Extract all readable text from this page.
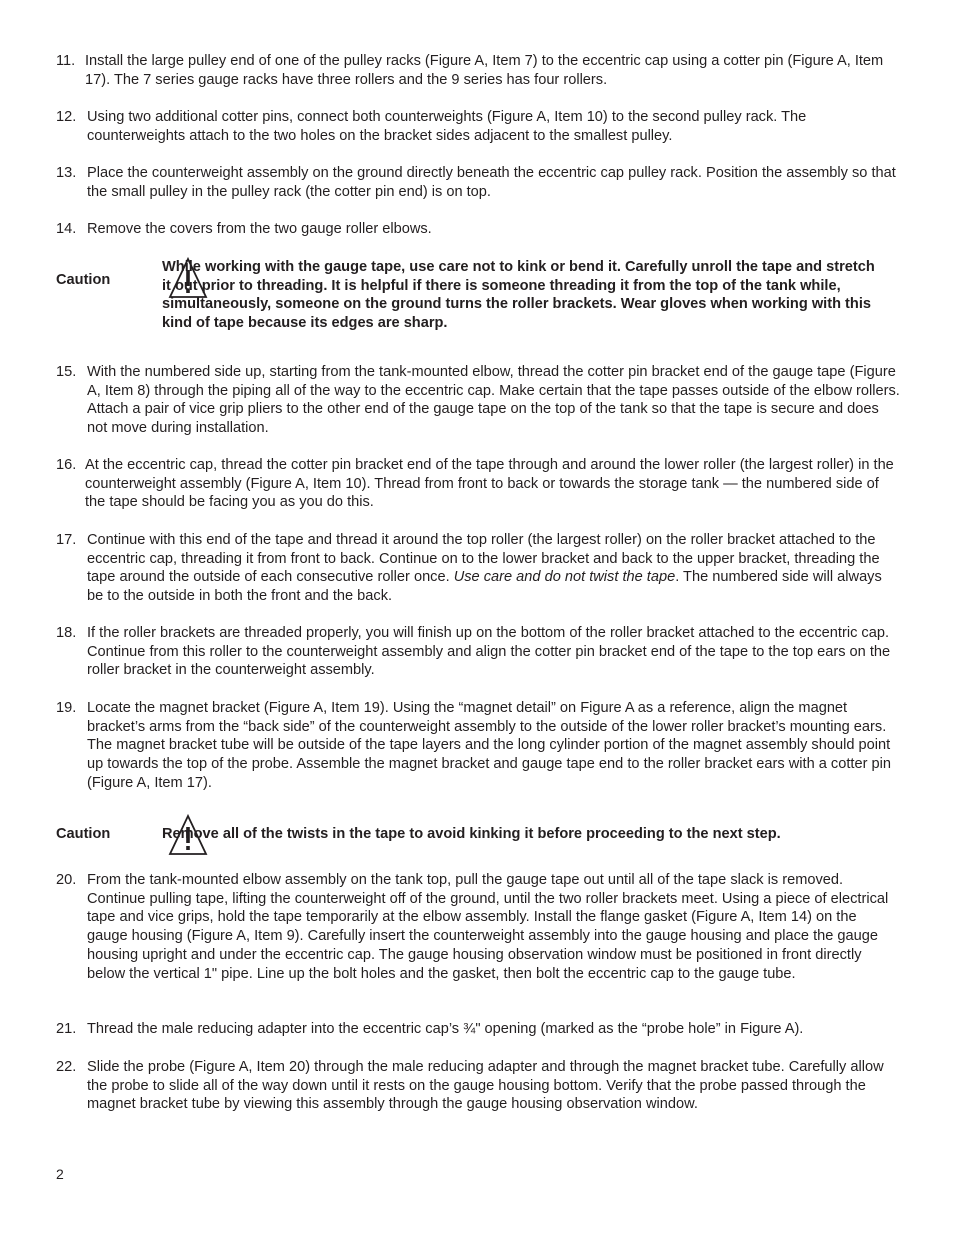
11. Install the large pulley end of one of the pulley racks (Figure A, Item 7) to the eccentric cap using a cotter pin (Figure A, Item 17). The 7 series gauge racks have three rollers and the 9 series has four rollers.
12. Using two additional cotter pins, connect both counterweights (Figure A, Item 10) to the second pulley rack. The counterweights attach to the two holes on the bracket sides adjacent to the smallest pulley.
13. Place the counterweight assembly on the ground directly beneath the eccentric cap pulley rack. Position the assembly so that the small pulley in the pulley rack (the cotter pin end) is on top.
14. Remove the covers from the two gauge roller elbows.
Caution
While working with the gauge tape, use care not to kink or bend it. Carefully unroll the tape and stretch it out prior to threading. It is helpful if there is someone threading it from the top of the tank while, simultaneously, someone on the ground turns the roller brackets. Wear gloves when working with this kind of tape because its edges are sharp.
15. With the numbered side up, starting from the tank-mounted elbow, thread the cotter pin bracket end of the gauge tape (Figure A, Item 8) through the piping all of the way to the eccentric cap. Make certain that the tape passes outside of the elbow rollers. Attach a pair of vice grip pliers to the other end of the gauge tape on the top of the tank so that the tape is secure and does not move during installation.
16. At the eccentric cap, thread the cotter pin bracket end of the tape through and around the lower roller (the largest roller) in the counterweight assembly (Figure A, Item 10). Thread from front to back or towards the storage tank — the numbered side of the tape should be facing you as you do this.
17. Continue with this end of the tape and thread it around the top roller (the largest roller) on the roller bracket attached to the eccentric cap, threading it from front to back. Continue on to the lower bracket and back to the upper bracket, threading the tape around the outside of each consecutive roller once. Use care and do not twist the tape. The numbered side will always be to the outside in both the front and the back.
18. If the roller brackets are threaded properly, you will finish up on the bottom of the roller bracket attached to the eccentric cap. Continue from this roller to the counterweight assembly and align the cotter pin bracket end of the tape to the top ears on the roller bracket in the counterweight assembly.
19. Locate the magnet bracket (Figure A, Item 19). Using the “magnet detail” on Figure A as a reference, align the magnet bracket’s arms from the “back side” of the counterweight assembly to the outside of the lower roller bracket’s mounting ears. The magnet bracket tube will be outside of the tape layers and the long cylinder portion of the magnet assembly should point up towards the top of the probe. Assemble the magnet bracket and gauge tape end to the roller bracket ears with a cotter pin (Figure A, Item 17).
Caution	Remove all of the twists in the tape to avoid kinking it before proceeding to the next step.
20. From the tank-mounted elbow assembly on the tank top, pull the gauge tape out until all of the tape slack is removed. Continue pulling tape, lifting the counterweight off of the ground, until the two roller brackets meet. Using a piece of electrical tape and vice grips, hold the tape temporarily at the elbow assembly. Install the flange gasket (Figure A, Item 14) on the gauge housing (Figure A, Item 9). Carefully insert the counterweight assembly into the gauge housing and place the gauge housing upright and under the eccentric cap. The gauge housing observation window must be positioned in front directly below the vertical 1" pipe. Line up the bolt holes and the gasket, then bolt the eccentric cap to the gauge tube.
21. Thread the male reducing adapter into the eccentric cap’s ¾" opening (marked as the “probe hole” in Figure A).
22. Slide the probe (Figure A, Item 20) through the male reducing adapter and through the magnet bracket tube. Carefully allow the probe to slide all of the way down until it rests on the gauge housing bottom. Verify that the probe passed through the magnet bracket tube by viewing this assembly through the gauge housing observation window.
2
